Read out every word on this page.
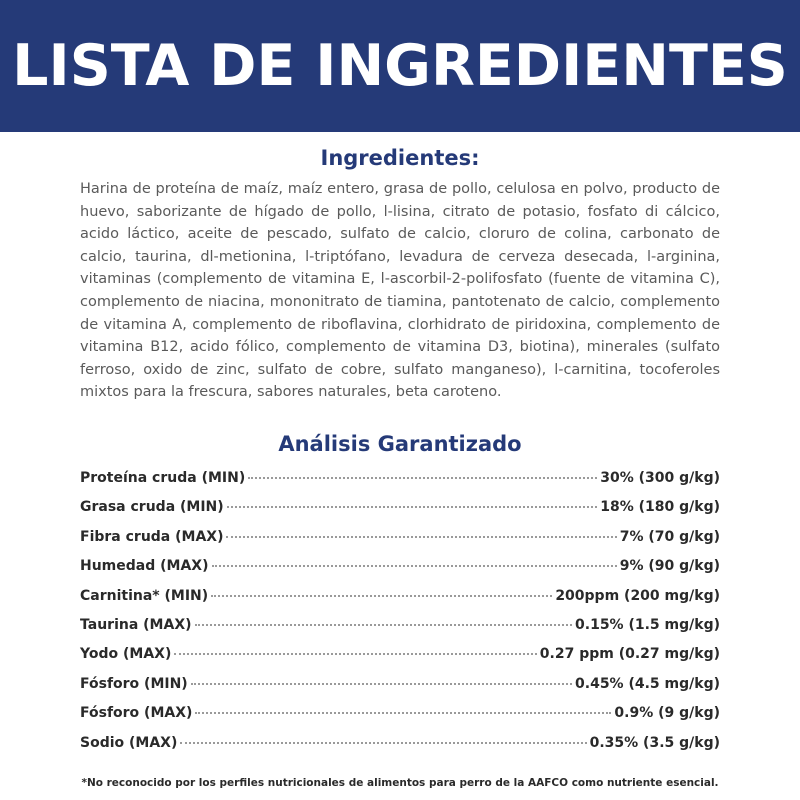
LISTA DE INGREDIENTES
Ingredientes:
Harina de proteína de maíz, maíz entero, grasa de pollo, celulosa en polvo, producto de huevo, saborizante de hígado de pollo, l-lisina, citrato de potasio, fosfato di cálcico, acido láctico, aceite de pescado, sulfato de calcio, cloruro de colina, carbonato de calcio, taurina, dl-metionina, l-triptófano, levadura de cerveza desecada, l-arginina, vitaminas (complemento de vitamina E, l-ascorbil-2-polifosfato (fuente de vitamina C), complemento de niacina, mononitrato de tiamina, pantotenato de calcio, complemento de vitamina A, complemento de riboflavina, clorhidrato de piridoxina, complemento de vitamina B12, acido fólico, complemento de vitamina D3, biotina), minerales (sulfato ferroso, oxido de zinc, sulfato de cobre, sulfato manganeso), l-carnitina, tocoferoles mixtos para la frescura, sabores naturales, beta caroteno.
Análisis Garantizado
Proteína cruda (MIN)	30% (300 g/kg)
Grasa cruda (MIN)	18% (180 g/kg)
Fibra cruda (MAX)	7% (70 g/kg)
Humedad (MAX)	9% (90 g/kg)
Carnitina* (MIN)	200ppm (200 mg/kg)
Taurina (MAX)	0.15% (1.5 mg/kg)
Yodo (MAX)	0.27 ppm (0.27 mg/kg)
Fósforo (MIN)	0.45% (4.5 mg/kg)
Fósforo (MAX)	0.9% (9 g/kg)
Sodio (MAX)	0.35% (3.5 g/kg)
*No reconocido por los perfiles nutricionales de alimentos para perro de la AAFCO como nutriente esencial.
